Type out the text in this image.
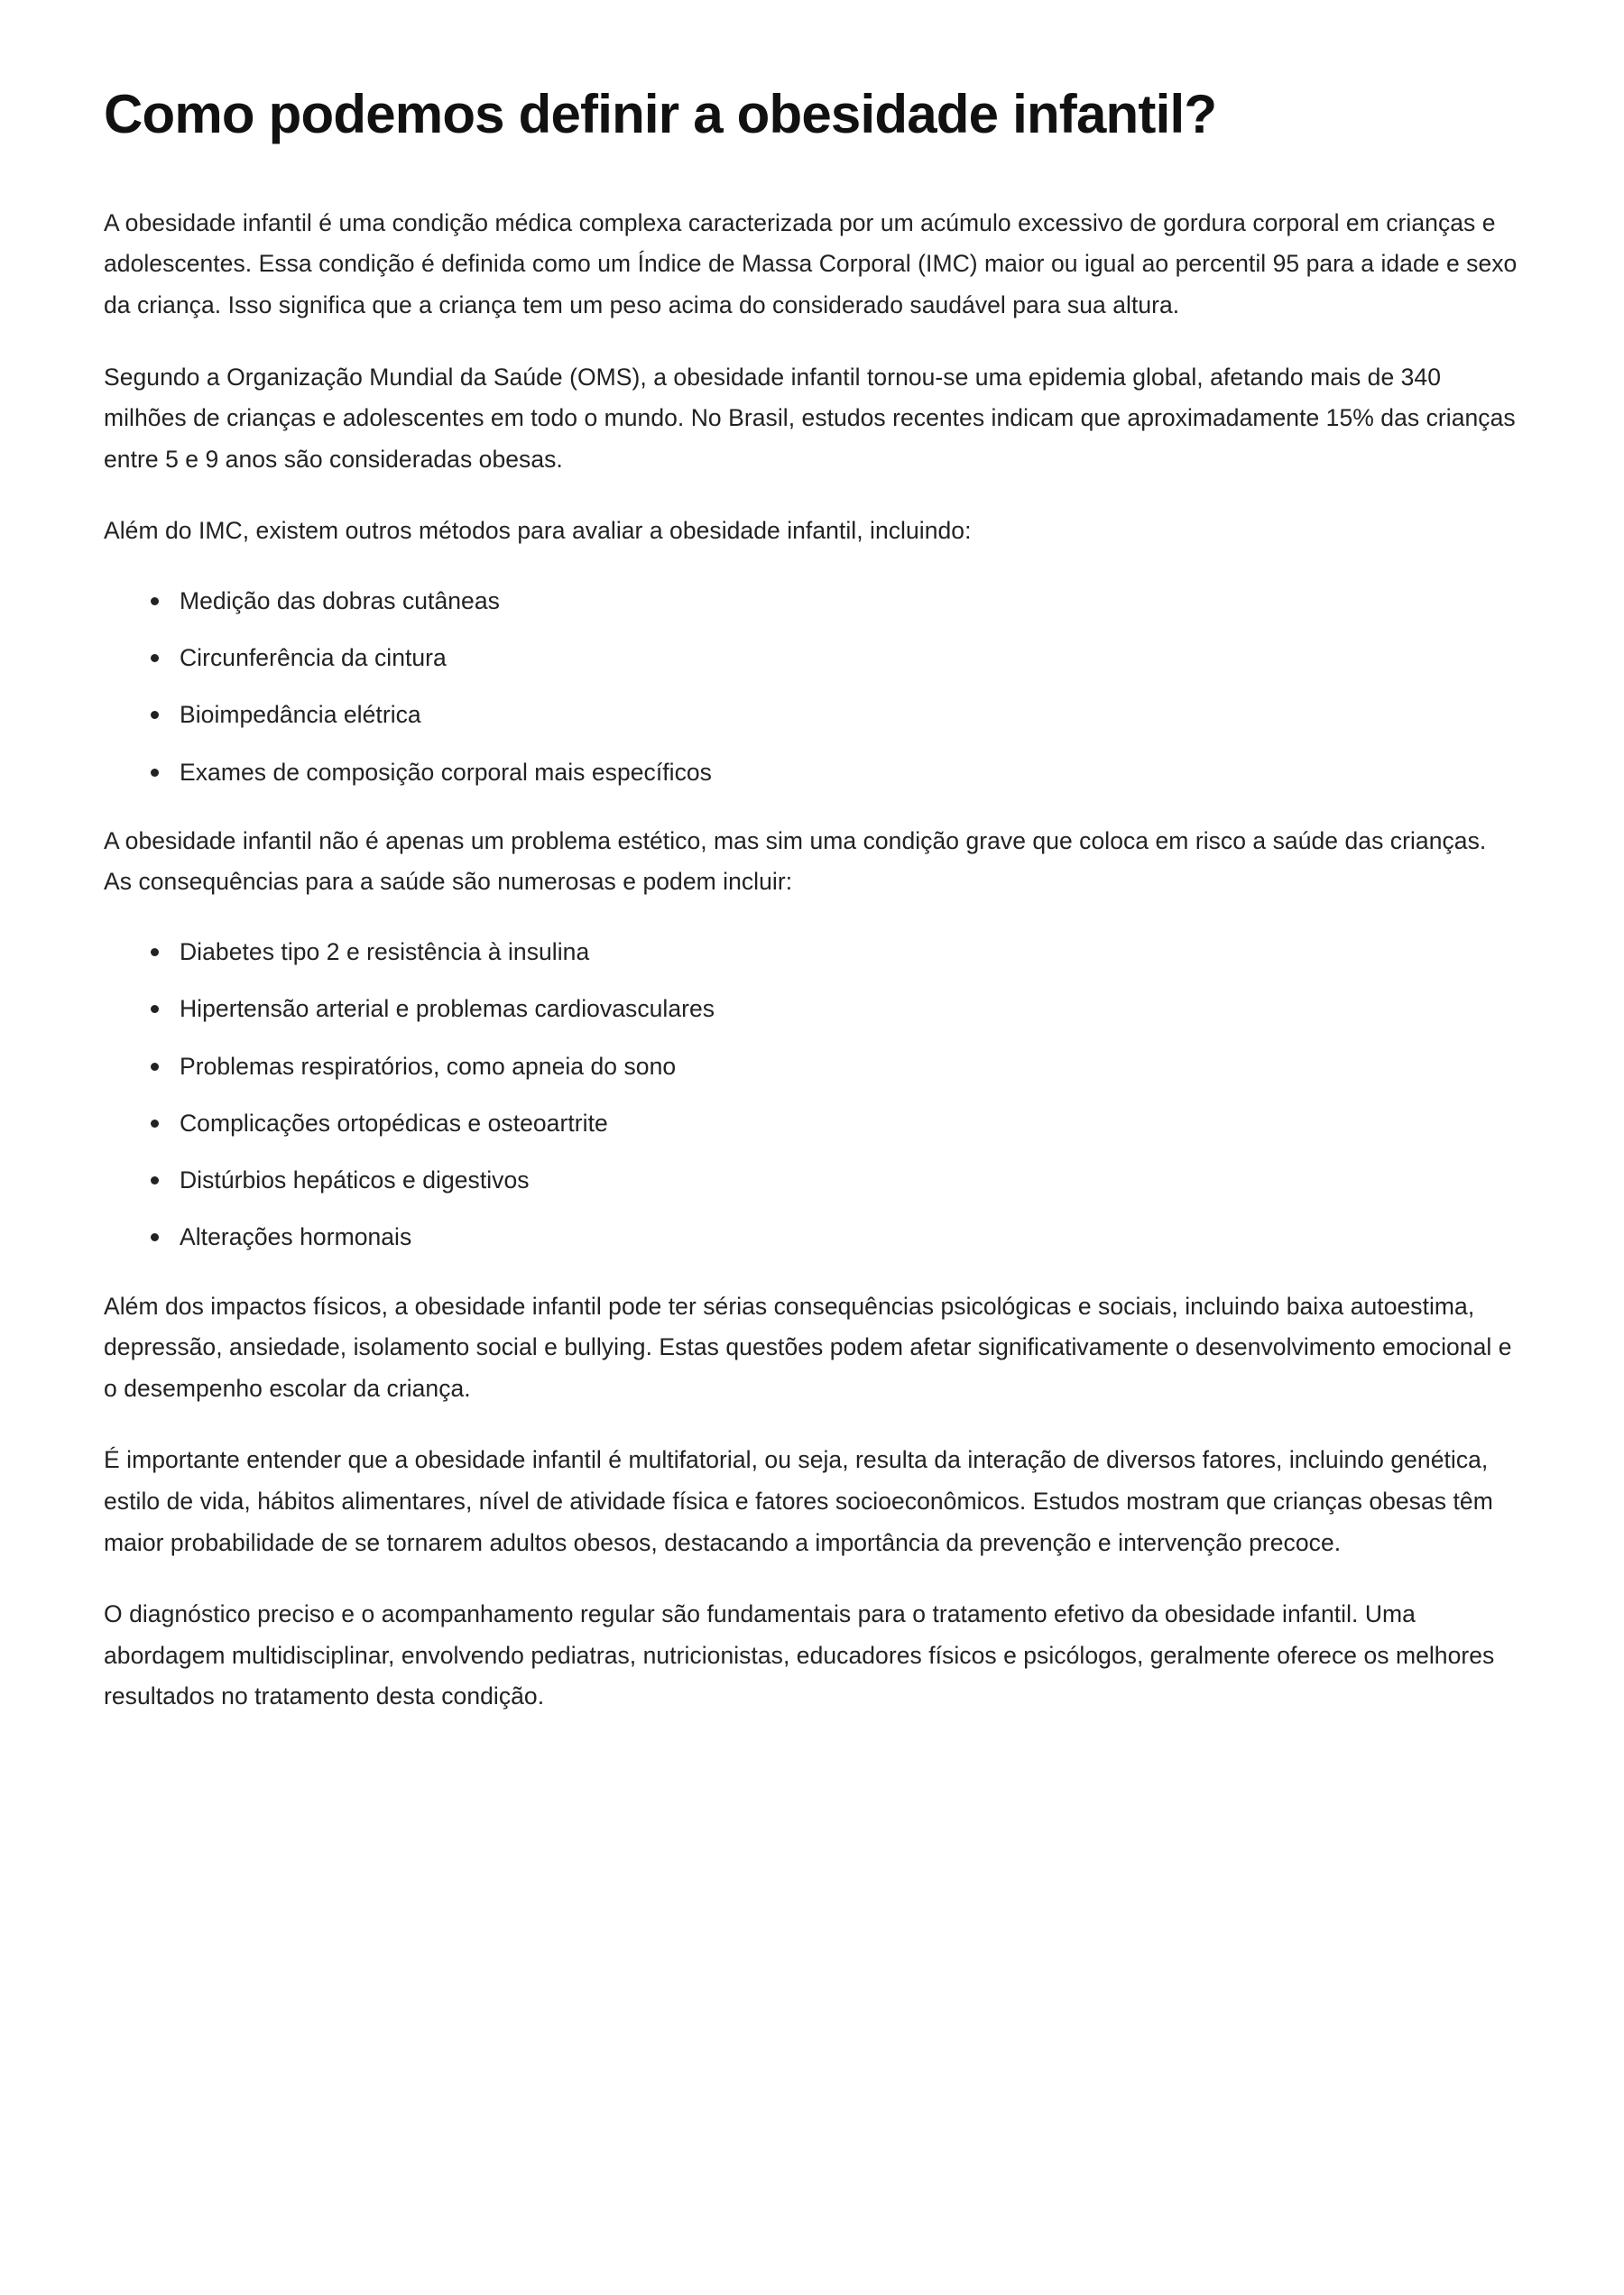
Como podemos definir a obesidade infantil?

A obesidade infantil é uma condição médica complexa caracterizada por um acúmulo excessivo de gordura corporal em crianças e adolescentes. Essa condição é definida como um Índice de Massa Corporal (IMC) maior ou igual ao percentil 95 para a idade e sexo da criança. Isso significa que a criança tem um peso acima do considerado saudável para sua altura.

Segundo a Organização Mundial da Saúde (OMS), a obesidade infantil tornou-se uma epidemia global, afetando mais de 340 milhões de crianças e adolescentes em todo o mundo. No Brasil, estudos recentes indicam que aproximadamente 15% das crianças entre 5 e 9 anos são consideradas obesas.

Além do IMC, existem outros métodos para avaliar a obesidade infantil, incluindo:

Medição das dobras cutâneas
Circunferência da cintura
Bioimpedância elétrica
Exames de composição corporal mais específicos

A obesidade infantil não é apenas um problema estético, mas sim uma condição grave que coloca em risco a saúde das crianças. As consequências para a saúde são numerosas e podem incluir:

Diabetes tipo 2 e resistência à insulina
Hipertensão arterial e problemas cardiovasculares
Problemas respiratórios, como apneia do sono
Complicações ortopédicas e osteoartrite
Distúrbios hepáticos e digestivos
Alterações hormonais

Além dos impactos físicos, a obesidade infantil pode ter sérias consequências psicológicas e sociais, incluindo baixa autoestima, depressão, ansiedade, isolamento social e bullying. Estas questões podem afetar significativamente o desenvolvimento emocional e o desempenho escolar da criança.

É importante entender que a obesidade infantil é multifatorial, ou seja, resulta da interação de diversos fatores, incluindo genética, estilo de vida, hábitos alimentares, nível de atividade física e fatores socioeconômicos. Estudos mostram que crianças obesas têm maior probabilidade de se tornarem adultos obesos, destacando a importância da prevenção e intervenção precoce.

O diagnóstico preciso e o acompanhamento regular são fundamentais para o tratamento efetivo da obesidade infantil. Uma abordagem multidisciplinar, envolvendo pediatras, nutricionistas, educadores físicos e psicólogos, geralmente oferece os melhores resultados no tratamento desta condição.
